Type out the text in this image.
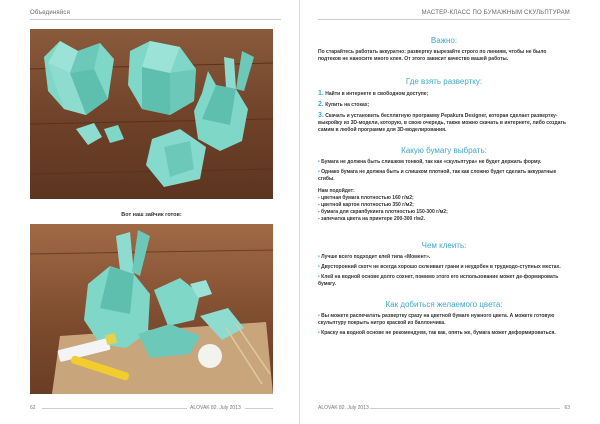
Объединяйся
Вот наш зайчик готов:
62	ALOVAK 82. July 2013
МАСТЕР-КЛАСС ПО БУМАЖНЫМ СКУЛЬПТУРАМ
Важно:

По старайтесь работать аккуратно: развертку вырезайте строго по линиям, чтобы не было подтеков не наносите много клея. От этого зависит качество вашей работы.

Где взять развертку:

1. Найти в интернете в свободном доступе;

2. Купить на стоках;

3. Скачать и установить бесплатную программу Pepakura Designer, которая сделает развертку-выкройку из 3D-модели, которую, в свою очередь, также можно скачать в интернете, либо создать самим в любой программе для 3D-моделирования.

Какую бумагу выбрать:

• Бумага не должна быть слишком тонкой, так как «скульптура» не будет держать форму.

• Однако бумага не должна быть и слишком плотной, так как сложно будет сделать аккуратные сгибы.

Нам подойдет:

- цветная бумага плотностью 160 г/м2;

- цветной картон плотностью 350 г/м2;

- бумага для скрапбукинга плотностью 150-300 г/м2;

- запечатка цвета на принтере 200-300 г/м2.

Чем клеить:

• Лучше всего подходит клей типа «Момент».

• Двусторонний скотч не всегда хорошо склеивает грани и неудобен в труднодо-ступных местах.

• Клей на водной основе долго сохнет, помимо этого его использование может де-формировать бумагу.

Как добиться желаемого цвета:

• Вы можете распечатать развертку сразу на цветной бумаге нужного цвета. А можете готовую скульптуру покрыть нитро краской из баллончика.

• Краску на водной основе не рекомендуем, так как, опять же, бумага может деформироваться.

ALOVAK 82. July 2013	63
